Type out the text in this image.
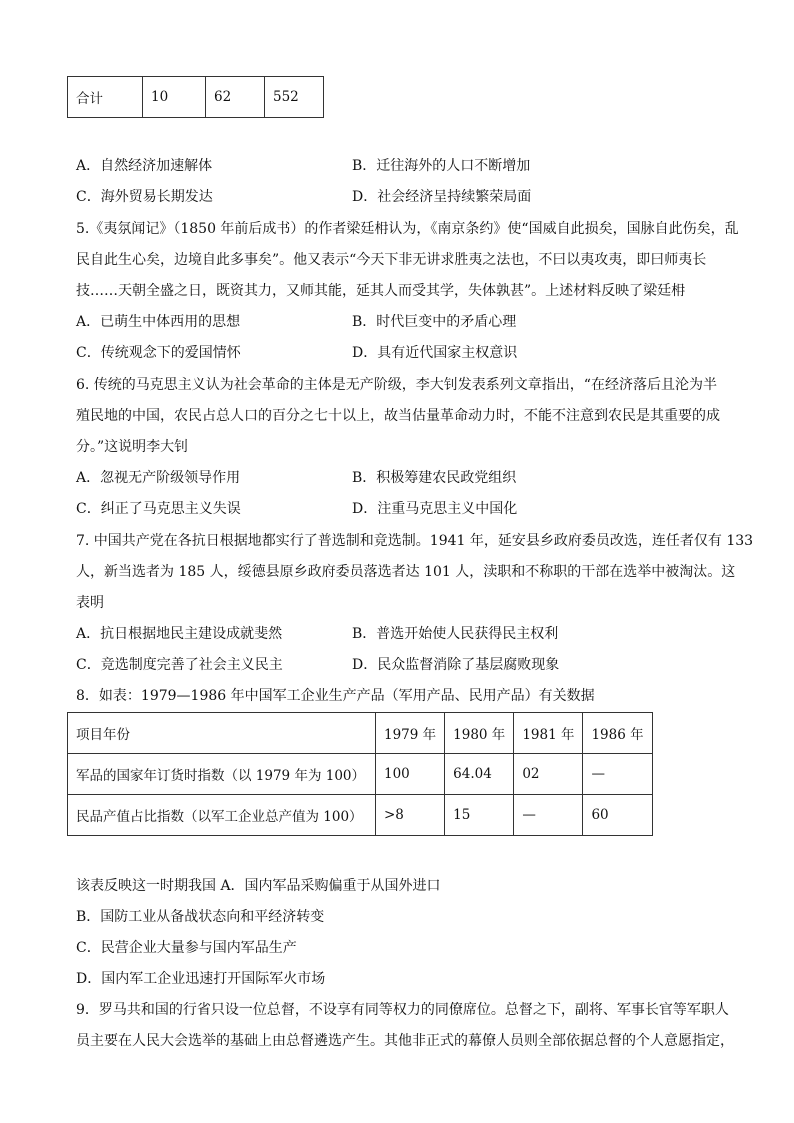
合计	10	62	552
A．自然经济加速解体	B．迁往海外的人口不断增加
C．海外贸易长期发达	D．社会经济呈持续繁荣局面
5.《夷氛闻记》（1850 年前后成书）的作者梁廷枏认为，《南京条约》使“国威自此损矣，国脉自此伤矣，乱
民自此生心矣，边境自此多事矣”。他又表示“今天下非无讲求胜夷之法也，不曰以夷攻夷，即曰师夷长
技……天朝全盛之日，既资其力，又师其能，延其人而受其学，失体孰甚”。上述材料反映了梁廷枏
A．已萌生中体西用的思想	B．时代巨变中的矛盾心理
C．传统观念下的爱国情怀	D．具有近代国家主权意识
6. 传统的马克思主义认为社会革命的主体是无产阶级，李大钊发表系列文章指出，“在经济落后且沦为半
殖民地的中国，农民占总人口的百分之七十以上，故当估量革命动力时，不能不注意到农民是其重要的成
分。”这说明李大钊
A．忽视无产阶级领导作用	B．积极筹建农民政党组织
C．纠正了马克思主义失误	D．注重马克思主义中国化
7. 中国共产党在各抗日根据地都实行了普选制和竞选制。1941 年，延安县乡政府委员改选，连任者仅有 133
人，新当选者为 185 人，绥德县原乡政府委员落选者达 101 人，渎职和不称职的干部在选举中被淘汰。这
表明
A．抗日根据地民主建设成就斐然	B．普选开始使人民获得民主权利
C．竞选制度完善了社会主义民主	D．民众监督消除了基层腐败现象
8．如表：1979—1986 年中国军工企业生产产品（军用产品、民用产品）有关数据
项目年份	1979 年	1980 年	1981 年	1986 年
军品的国家年订货时指数（以 1979 年为 100）	100	64.04	02	—
民品产值占比指数（以军工企业总产值为 100）	>8	15	—	60
该表反映这一时期我国 A．国内军品采购偏重于从国外进口
B．国防工业从备战状态向和平经济转变
C．民营企业大量参与国内军品生产
D．国内军工企业迅速打开国际军火市场
9．罗马共和国的行省只设一位总督，不设享有同等权力的同僚席位。总督之下，副将、军事长官等军职人
员主要在人民大会选举的基础上由总督遴选产生。其他非正式的幕僚人员则全部依据总督的个人意愿指定，
